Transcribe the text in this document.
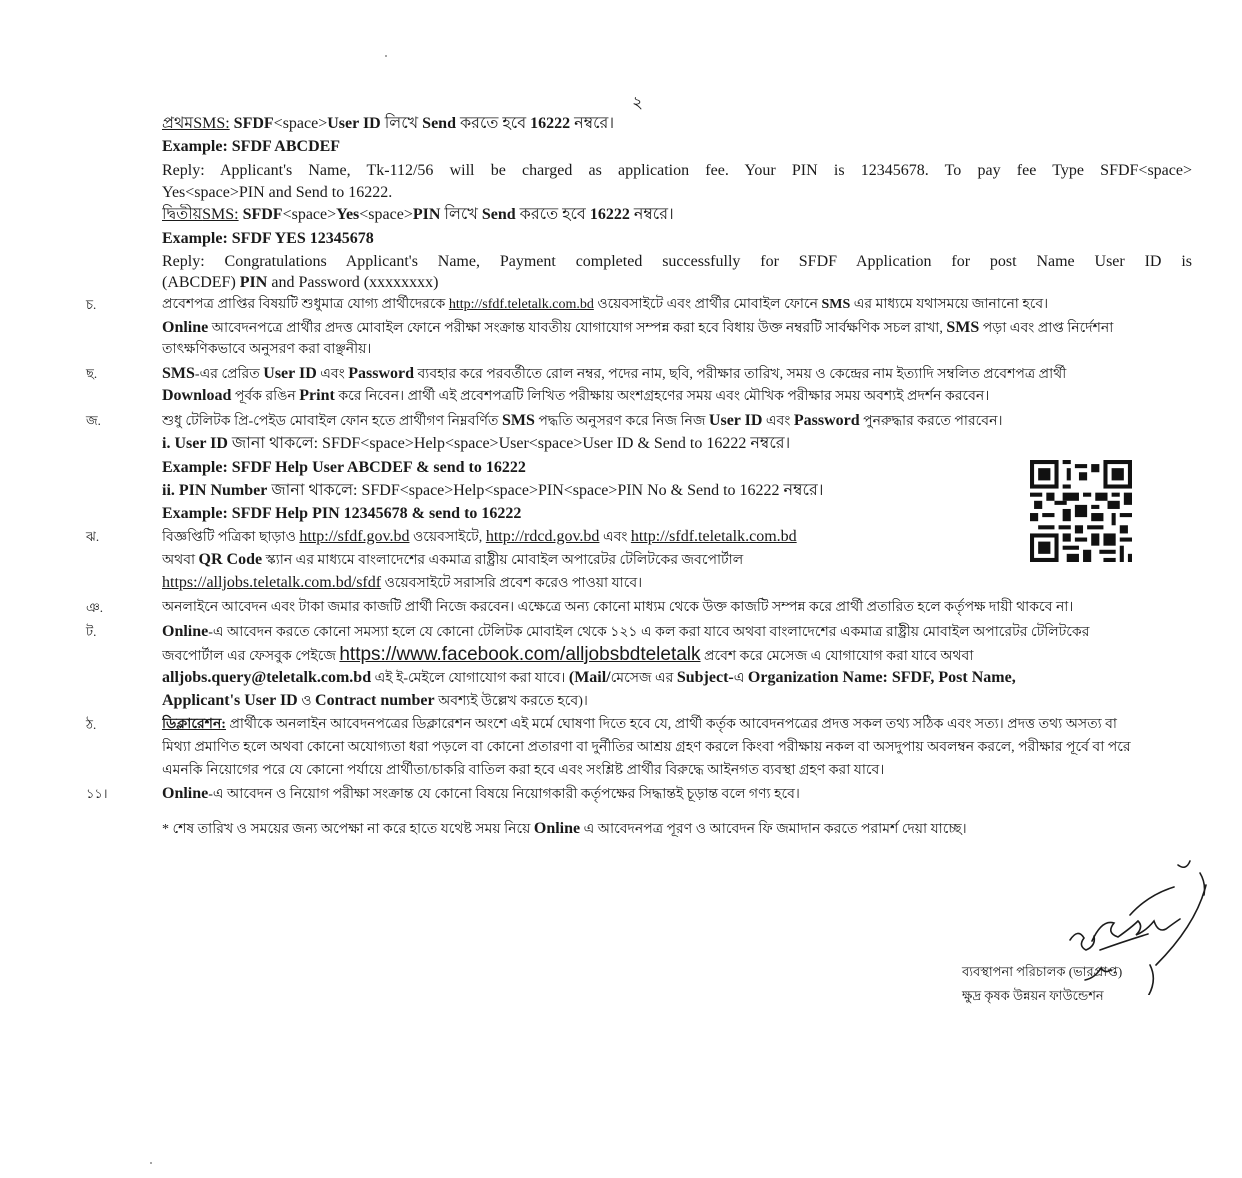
২
প্রথমSMS: SFDF<space>User ID লিখে Send করতে হবে 16222 নম্বরে।
Example: SFDF ABCDEF
Reply: Applicant's Name, Tk-112/56 will be charged as application fee. Your PIN is 12345678. To pay fee Type SFDF<space>
Yes<space>PIN and Send to 16222.
দ্বিতীয়SMS: SFDF<space>Yes<space>PIN লিখে Send করতে হবে 16222 নম্বরে।
Example: SFDF YES 12345678
Reply: Congratulations Applicant's Name, Payment completed successfully for SFDF Application for post Name User ID is
(ABCDEF) PIN and Password (xxxxxxxx)
চ.	প্রবেশপত্র প্রাপ্তির বিষয়টি শুধুমাত্র যোগ্য প্রার্থীদেরকে http://sfdf.teletalk.com.bd ওয়েবসাইটে এবং প্রার্থীর মোবাইল ফোনে SMS এর মাধ্যমে যথাসময়ে জানানো হবে।
Online আবেদনপত্রে প্রার্থীর প্রদত্ত মোবাইল ফোনে পরীক্ষা সংক্রান্ত যাবতীয় যোগাযোগ সম্পন্ন করা হবে বিধায় উক্ত নম্বরটি সার্বক্ষণিক সচল রাখা, SMS পড়া এবং প্রাপ্ত নির্দেশনা
তাৎক্ষণিকভাবে অনুসরণ করা বাঞ্ছনীয়।
ছ.	SMS-এর প্রেরিত User ID এবং Password ব্যবহার করে পরবর্তীতে রোল নম্বর, পদের নাম, ছবি, পরীক্ষার তারিখ, সময় ও কেন্দ্রের নাম ইত্যাদি সম্বলিত প্রবেশপত্র প্রার্থী
Download পূর্বক রঙিন Print করে নিবেন। প্রার্থী এই প্রবেশপত্রটি লিখিত পরীক্ষায় অংশগ্রহণের সময় এবং মৌখিক পরীক্ষার সময় অবশ্যই প্রদর্শন করবেন।
জ.	শুধু টেলিটক প্রি-পেইড মোবাইল ফোন হতে প্রার্থীগণ নিম্নবর্ণিত SMS পদ্ধতি অনুসরণ করে নিজ নিজ User ID এবং Password পুনরুদ্ধার করতে পারবেন।
i. User ID জানা থাকলে: SFDF<space>Help<space>User<space>User ID & Send to 16222 নম্বরে।
Example: SFDF Help User ABCDEF & send to 16222
ii. PIN Number জানা থাকলে: SFDF<space>Help<space>PIN<space>PIN No & Send to 16222 নম্বরে।
Example: SFDF Help PIN 12345678 & send to 16222
ঝ.	বিজ্ঞপ্তিটি পত্রিকা ছাড়াও http://sfdf.gov.bd ওয়েবসাইটে, http://rdcd.gov.bd এবং http://sfdf.teletalk.com.bd
অথবা QR Code স্ক্যান এর মাধ্যমে বাংলাদেশের একমাত্র রাষ্ট্রীয় মোবাইল অপারেটর টেলিটকের জবপোর্টাল
https://alljobs.teletalk.com.bd/sfdf ওয়েবসাইটে সরাসরি প্রবেশ করেও পাওয়া যাবে।
ঞ.	অনলাইনে আবেদন এবং টাকা জমার কাজটি প্রার্থী নিজে করবেন। এক্ষেত্রে অন্য কোনো মাধ্যম থেকে উক্ত কাজটি সম্পন্ন করে প্রার্থী প্রতারিত হলে কর্তৃপক্ষ দায়ী থাকবে না।
ট.	Online-এ আবেদন করতে কোনো সমস্যা হলে যে কোনো টেলিটক মোবাইল থেকে ১২১ এ কল করা যাবে অথবা বাংলাদেশের একমাত্র রাষ্ট্রীয় মোবাইল অপারেটর টেলিটকের
জবপোর্টাল এর ফেসবুক পেইজে https://www.facebook.com/alljobsbdteletalk প্রবেশ করে মেসেজ এ যোগাযোগ করা যাবে অথবা
alljobs.query@teletalk.com.bd এই ই-মেইলে যোগাযোগ করা যাবে। (Mail/মেসেজ এর Subject-এ Organization Name: SFDF, Post Name,
Applicant's User ID ও Contract number অবশ্যই উল্লেখ করতে হবে)।
ঠ.	ডিক্লারেশন: প্রার্থীকে অনলাইন আবেদনপত্রের ডিক্লারেশন অংশে এই মর্মে ঘোষণা দিতে হবে যে, প্রার্থী কর্তৃক আবেদনপত্রের প্রদত্ত সকল তথ্য সঠিক এবং সত্য। প্রদত্ত তথ্য অসত্য বা
মিথ্যা প্রমাণিত হলে অথবা কোনো অযোগ্যতা ধরা পড়লে বা কোনো প্রতারণা বা দুর্নীতির আশ্রয় গ্রহণ করলে কিংবা পরীক্ষায় নকল বা অসদুপায় অবলম্বন করলে, পরীক্ষার পূর্বে বা পরে
এমনকি নিয়োগের পরে যে কোনো পর্যায়ে প্রার্থীতা/চাকরি বাতিল করা হবে এবং সংশ্লিষ্ট প্রার্থীর বিরুদ্ধে আইনগত ব্যবস্থা গ্রহণ করা যাবে।
১১।	Online-এ আবেদন ও নিয়োগ পরীক্ষা সংক্রান্ত যে কোনো বিষয়ে নিয়োগকারী কর্তৃপক্ষের সিদ্ধান্তই চূড়ান্ত বলে গণ্য হবে।
* শেষ তারিখ ও সময়ের জন্য অপেক্ষা না করে হাতে যথেষ্ট সময় নিয়ে Online এ আবেদনপত্র পূরণ ও আবেদন ফি জমাদান করতে পরামর্শ দেয়া যাচ্ছে।
ব্যবস্থাপনা পরিচালক (ভারপ্রাপ্ত)
ক্ষুদ্র কৃষক উন্নয়ন ফাউন্ডেশন
